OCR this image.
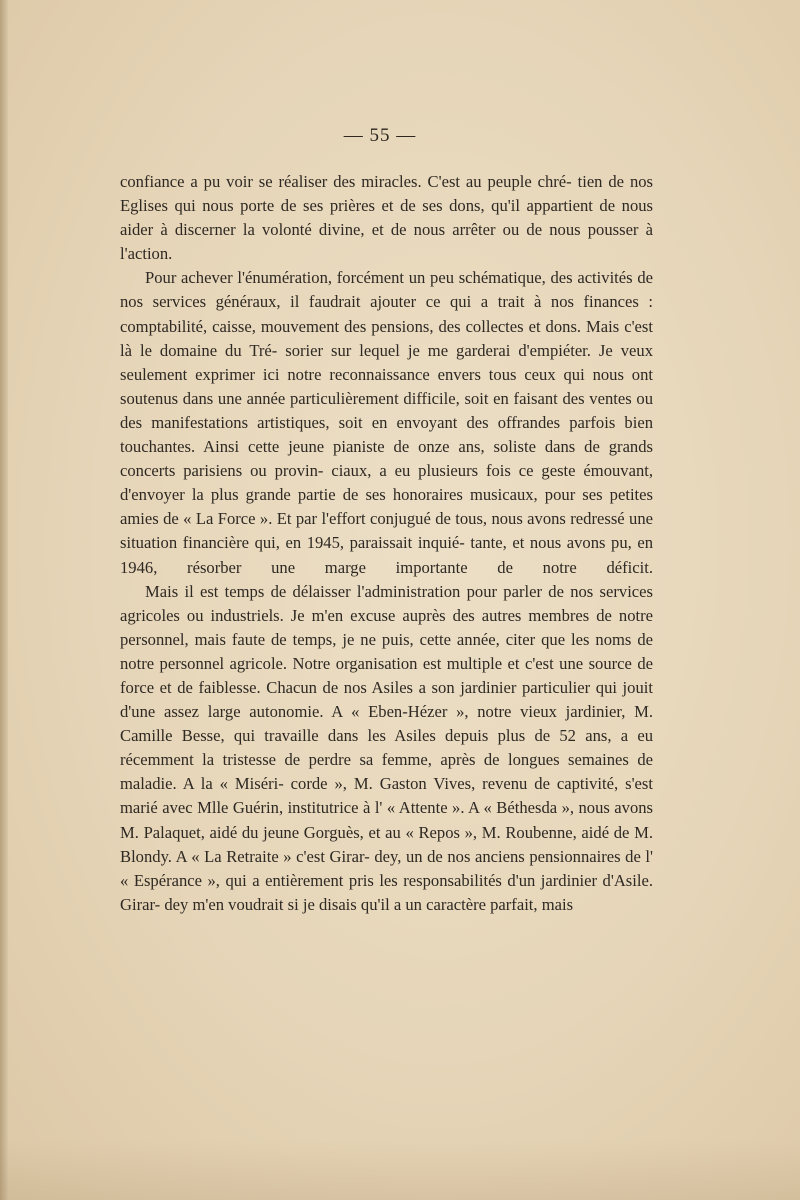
— 55 —

confiance a pu voir se réaliser des miracles. C'est au peuple chré- tien de nos Eglises qui nous porte de ses prières et de ses dons, qu'il appartient de nous aider à discerner la volonté divine, et de nous arrêter ou de nous pousser à l'action.

Pour achever l'énumération, forcément un peu schématique, des activités de nos services généraux, il faudrait ajouter ce qui a trait à nos finances : comptabilité, caisse, mouvement des pensions, des collectes et dons. Mais c'est là le domaine du Tré- sorier sur lequel je me garderai d'empiéter. Je veux seulement exprimer ici notre reconnaissance envers tous ceux qui nous ont soutenus dans une année particulièrement difficile, soit en faisant des ventes ou des manifestations artistiques, soit en envoyant des offrandes parfois bien touchantes. Ainsi cette jeune pianiste de onze ans, soliste dans de grands concerts parisiens ou provin- ciaux, a eu plusieurs fois ce geste émouvant, d'envoyer la plus grande partie de ses honoraires musicaux, pour ses petites amies de « La Force ». Et par l'effort conjugué de tous, nous avons redressé une situation financière qui, en 1945, paraissait inquié- tante, et nous avons pu, en 1946, résorber une marge importante de notre déficit.

Mais il est temps de délaisser l'administration pour parler de nos services agricoles ou industriels. Je m'en excuse auprès des autres membres de notre personnel, mais faute de temps, je ne puis, cette année, citer que les noms de notre personnel agricole. Notre organisation est multiple et c'est une source de force et de faiblesse. Chacun de nos Asiles a son jardinier particulier qui jouit d'une assez large autonomie. A « Eben-Hézer », notre vieux jardinier, M. Camille Besse, qui travaille dans les Asiles depuis plus de 52 ans, a eu récemment la tristesse de perdre sa femme, après de longues semaines de maladie. A la « Miséri- corde », M. Gaston Vives, revenu de captivité, s'est marié avec Mlle Guérin, institutrice à l' « Attente ». A « Béthesda », nous avons M. Palaquet, aidé du jeune Gorguès, et au « Repos », M. Roubenne, aidé de M. Blondy. A « La Retraite » c'est Girar- dey, un de nos anciens pensionnaires de l' « Espérance », qui a entièrement pris les responsabilités d'un jardinier d'Asile. Girar- dey m'en voudrait si je disais qu'il a un caractère parfait, mais
